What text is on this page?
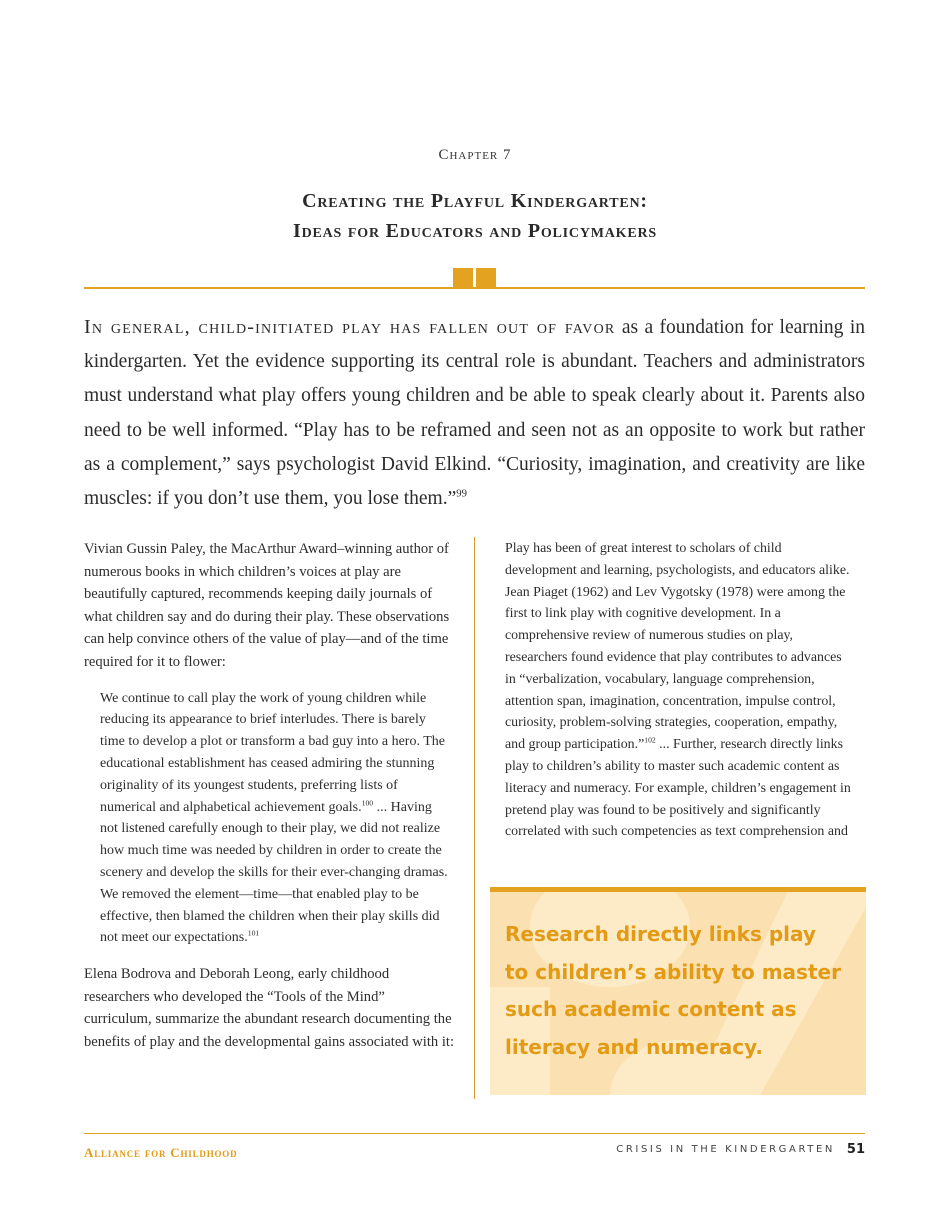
Chapter 7
Creating the Playful Kindergarten:
Ideas for Educators and Policymakers
In general, child-initiated play has fallen out of favor as a foundation for learning in kindergarten. Yet the evidence supporting its central role is abundant. Teachers and administrators must understand what play offers young children and be able to speak clearly about it. Parents also need to be well informed. “Play has to be reframed and seen not as an opposite to work but rather as a complement,” says psychologist David Elkind. “Curiosity, imagination, and creativity are like muscles: if you don’t use them, you lose them.”$^{99}$

Vivian Gussin Paley, the MacArthur Award–winning author of numerous books in which children’s voices at play are beautifully captured, recommends keeping daily journals of what children say and do during their play. These observations can help convince others of the value of play—and of the time required for it to flower:

We continue to call play the work of young children while reducing its appearance to brief interludes. There is barely time to develop a plot or transform a bad guy into a hero. The educational establishment has ceased admiring the stunning originality of its youngest students, preferring lists of numerical and alphabetical achievement goals.$^{100}$ ... Having not listened carefully enough to their play, we did not realize how much time was needed by children in order to create the scenery and develop the skills for their ever-changing dramas. We removed the element—time—that enabled play to be effective, then blamed the children when their play skills did not meet our expectations.$^{101}$

Elena Bodrova and Deborah Leong, early childhood researchers who developed the “Tools of the Mind” curriculum, summarize the abundant research documenting the benefits of play and the developmental gains associated with it:

Play has been of great interest to scholars of child development and learning, psychologists, and educators alike. Jean Piaget (1962) and Lev Vygotsky (1978) were among the first to link play with cognitive development. In a comprehensive review of numerous studies on play, researchers found evidence that play contributes to advances in “verbalization, vocabulary, language comprehension, attention span, imagination, concentration, impulse control, curiosity, problem-solving strategies, cooperation, empathy, and group participation.”$^{102}$ ... Further, research directly links play to children’s ability to master such academic content as literacy and numeracy. For example, children’s engagement in pretend play was found to be positively and significantly correlated with such competencies as text comprehension and

Research directly links play to children’s ability to master such academic content as literacy and numeracy.
Alliance for Childhood	CRISIS IN THE KINDERGARTEN 51
